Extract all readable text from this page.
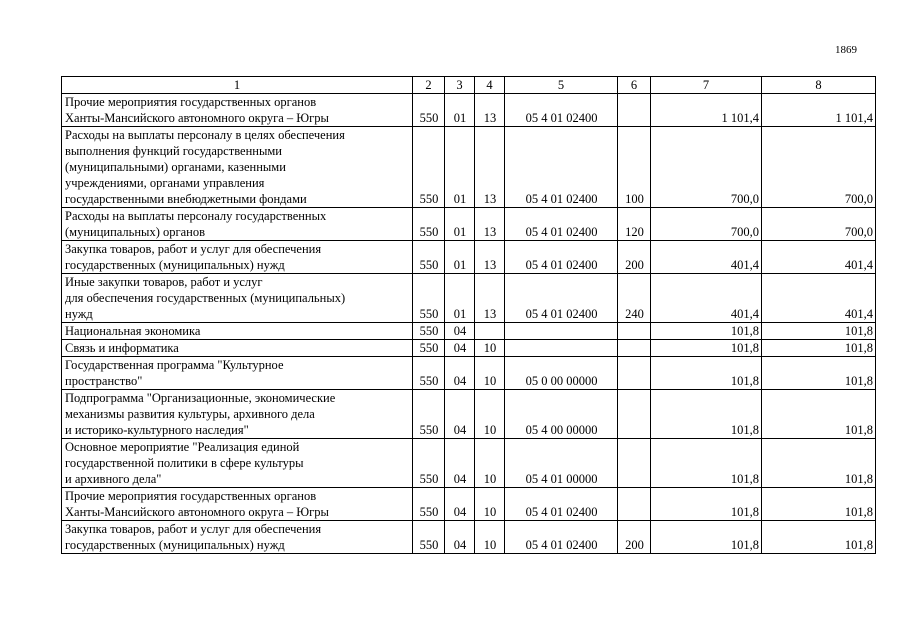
1869
1	2	3	4	5	6	7	8

Прочие мероприятия государственных органов
Ханты-Мансийского автономного округа – Югры	550	01	13	05 4 01 02400		1 101,4	1 101,4

Расходы на выплаты персоналу в целях обеспечения
выполнения функций государственными
(муниципальными) органами, казенными
учреждениями, органами управления
государственными внебюджетными фондами	550	01	13	05 4 01 02400	100	700,0	700,0

Расходы на выплаты персоналу государственных
(муниципальных) органов	550	01	13	05 4 01 02400	120	700,0	700,0

Закупка товаров, работ и услуг для обеспечения
государственных (муниципальных) нужд	550	01	13	05 4 01 02400	200	401,4	401,4

Иные закупки товаров, работ и услуг
для обеспечения государственных (муниципальных)
нужд	550	01	13	05 4 01 02400	240	401,4	401,4

Национальная экономика	550	04				101,8	101,8

Связь и информатика	550	04	10			101,8	101,8

Государственная программа "Культурное
пространство"	550	04	10	05 0 00 00000		101,8	101,8

Подпрограмма "Организационные, экономические
механизмы развития культуры, архивного дела
и историко-культурного наследия"	550	04	10	05 4 00 00000		101,8	101,8

Основное мероприятие "Реализация единой
государственной политики в сфере культуры
и архивного дела"	550	04	10	05 4 01 00000		101,8	101,8

Прочие мероприятия государственных органов
Ханты-Мансийского автономного округа – Югры	550	04	10	05 4 01 02400		101,8	101,8

Закупка товаров, работ и услуг для обеспечения
государственных (муниципальных) нужд	550	04	10	05 4 01 02400	200	101,8	101,8
